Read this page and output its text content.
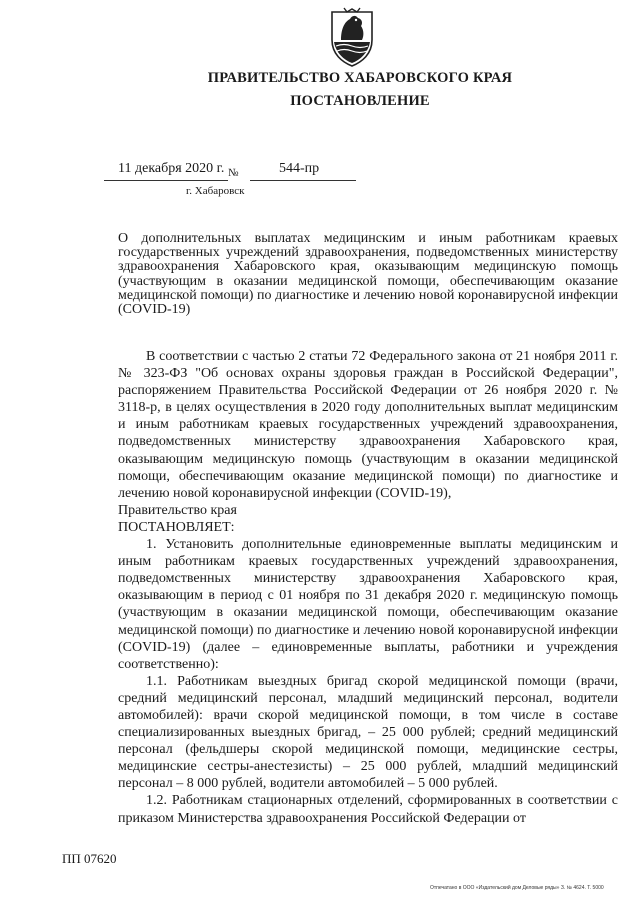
ПРАВИТЕЛЬСТВО ХАБАРОВСКОГО КРАЯ
ПОСТАНОВЛЕНИЕ
11 декабря 2020 г. №	544-пр
г. Хабаровск
О дополнительных выплатах медицинским и иным работникам краевых государственных учреждений здравоохранения, подведомственных министерству здравоохранения Хабаровского края, оказывающим медицинскую помощь (участвующим в оказании медицинской помощи, обеспечивающим оказание медицинской помощи) по диагностике и лечению новой коронавирусной инфекции (COVID-19)

В соответствии с частью 2 статьи 72 Федерального закона от 21 ноября 2011 г. № 323-ФЗ "Об основах охраны здоровья граждан в Российской Федерации", распоряжением Правительства Российской Федерации от 26 ноября 2020 г. № 3118-р, в целях осуществления в 2020 году дополнительных выплат медицинским и иным работникам краевых государственных учреждений здравоохранения, подведомственных министерству здравоохранения Хабаровского края, оказывающим медицинскую помощь (участвующим в оказании медицинской помощи, обеспечивающим оказание медицинской помощи) по диагностике и лечению новой коронавирусной инфекции (COVID-19),

Правительство края

ПОСТАНОВЛЯЕТ:

1. Установить дополнительные единовременные выплаты медицинским и иным работникам краевых государственных учреждений здравоохранения, подведомственных министерству здравоохранения Хабаровского края, оказывающим в период с 01 ноября по 31 декабря 2020 г. медицинскую помощь (участвующим в оказании медицинской помощи, обеспечивающим оказание медицинской помощи) по диагностике и лечению новой коронавирусной инфекции (COVID-19) (далее – единовременные выплаты, работники и учреждения соответственно):

1.1. Работникам выездных бригад скорой медицинской помощи (врачи, средний медицинский персонал, младший медицинский персонал, водители автомобилей): врачи скорой медицинской помощи, в том числе в составе специализированных выездных бригад, – 25 000 рублей; средний медицинский персонал (фельдшеры скорой медицинской помощи, медицинские сестры, медицинские сестры-анестезисты) – 25 000 рублей, младший медицинский персонал – 8 000 рублей, водители автомобилей – 5 000 рублей.

1.2. Работникам стационарных отделений, сформированных в соответствии с приказом Министерства здравоохранения Российской Федерации от

ПП 07620
Отпечатано в ООО «Издательский дом Деловые ряды» З. № 4624. Т. 5000
